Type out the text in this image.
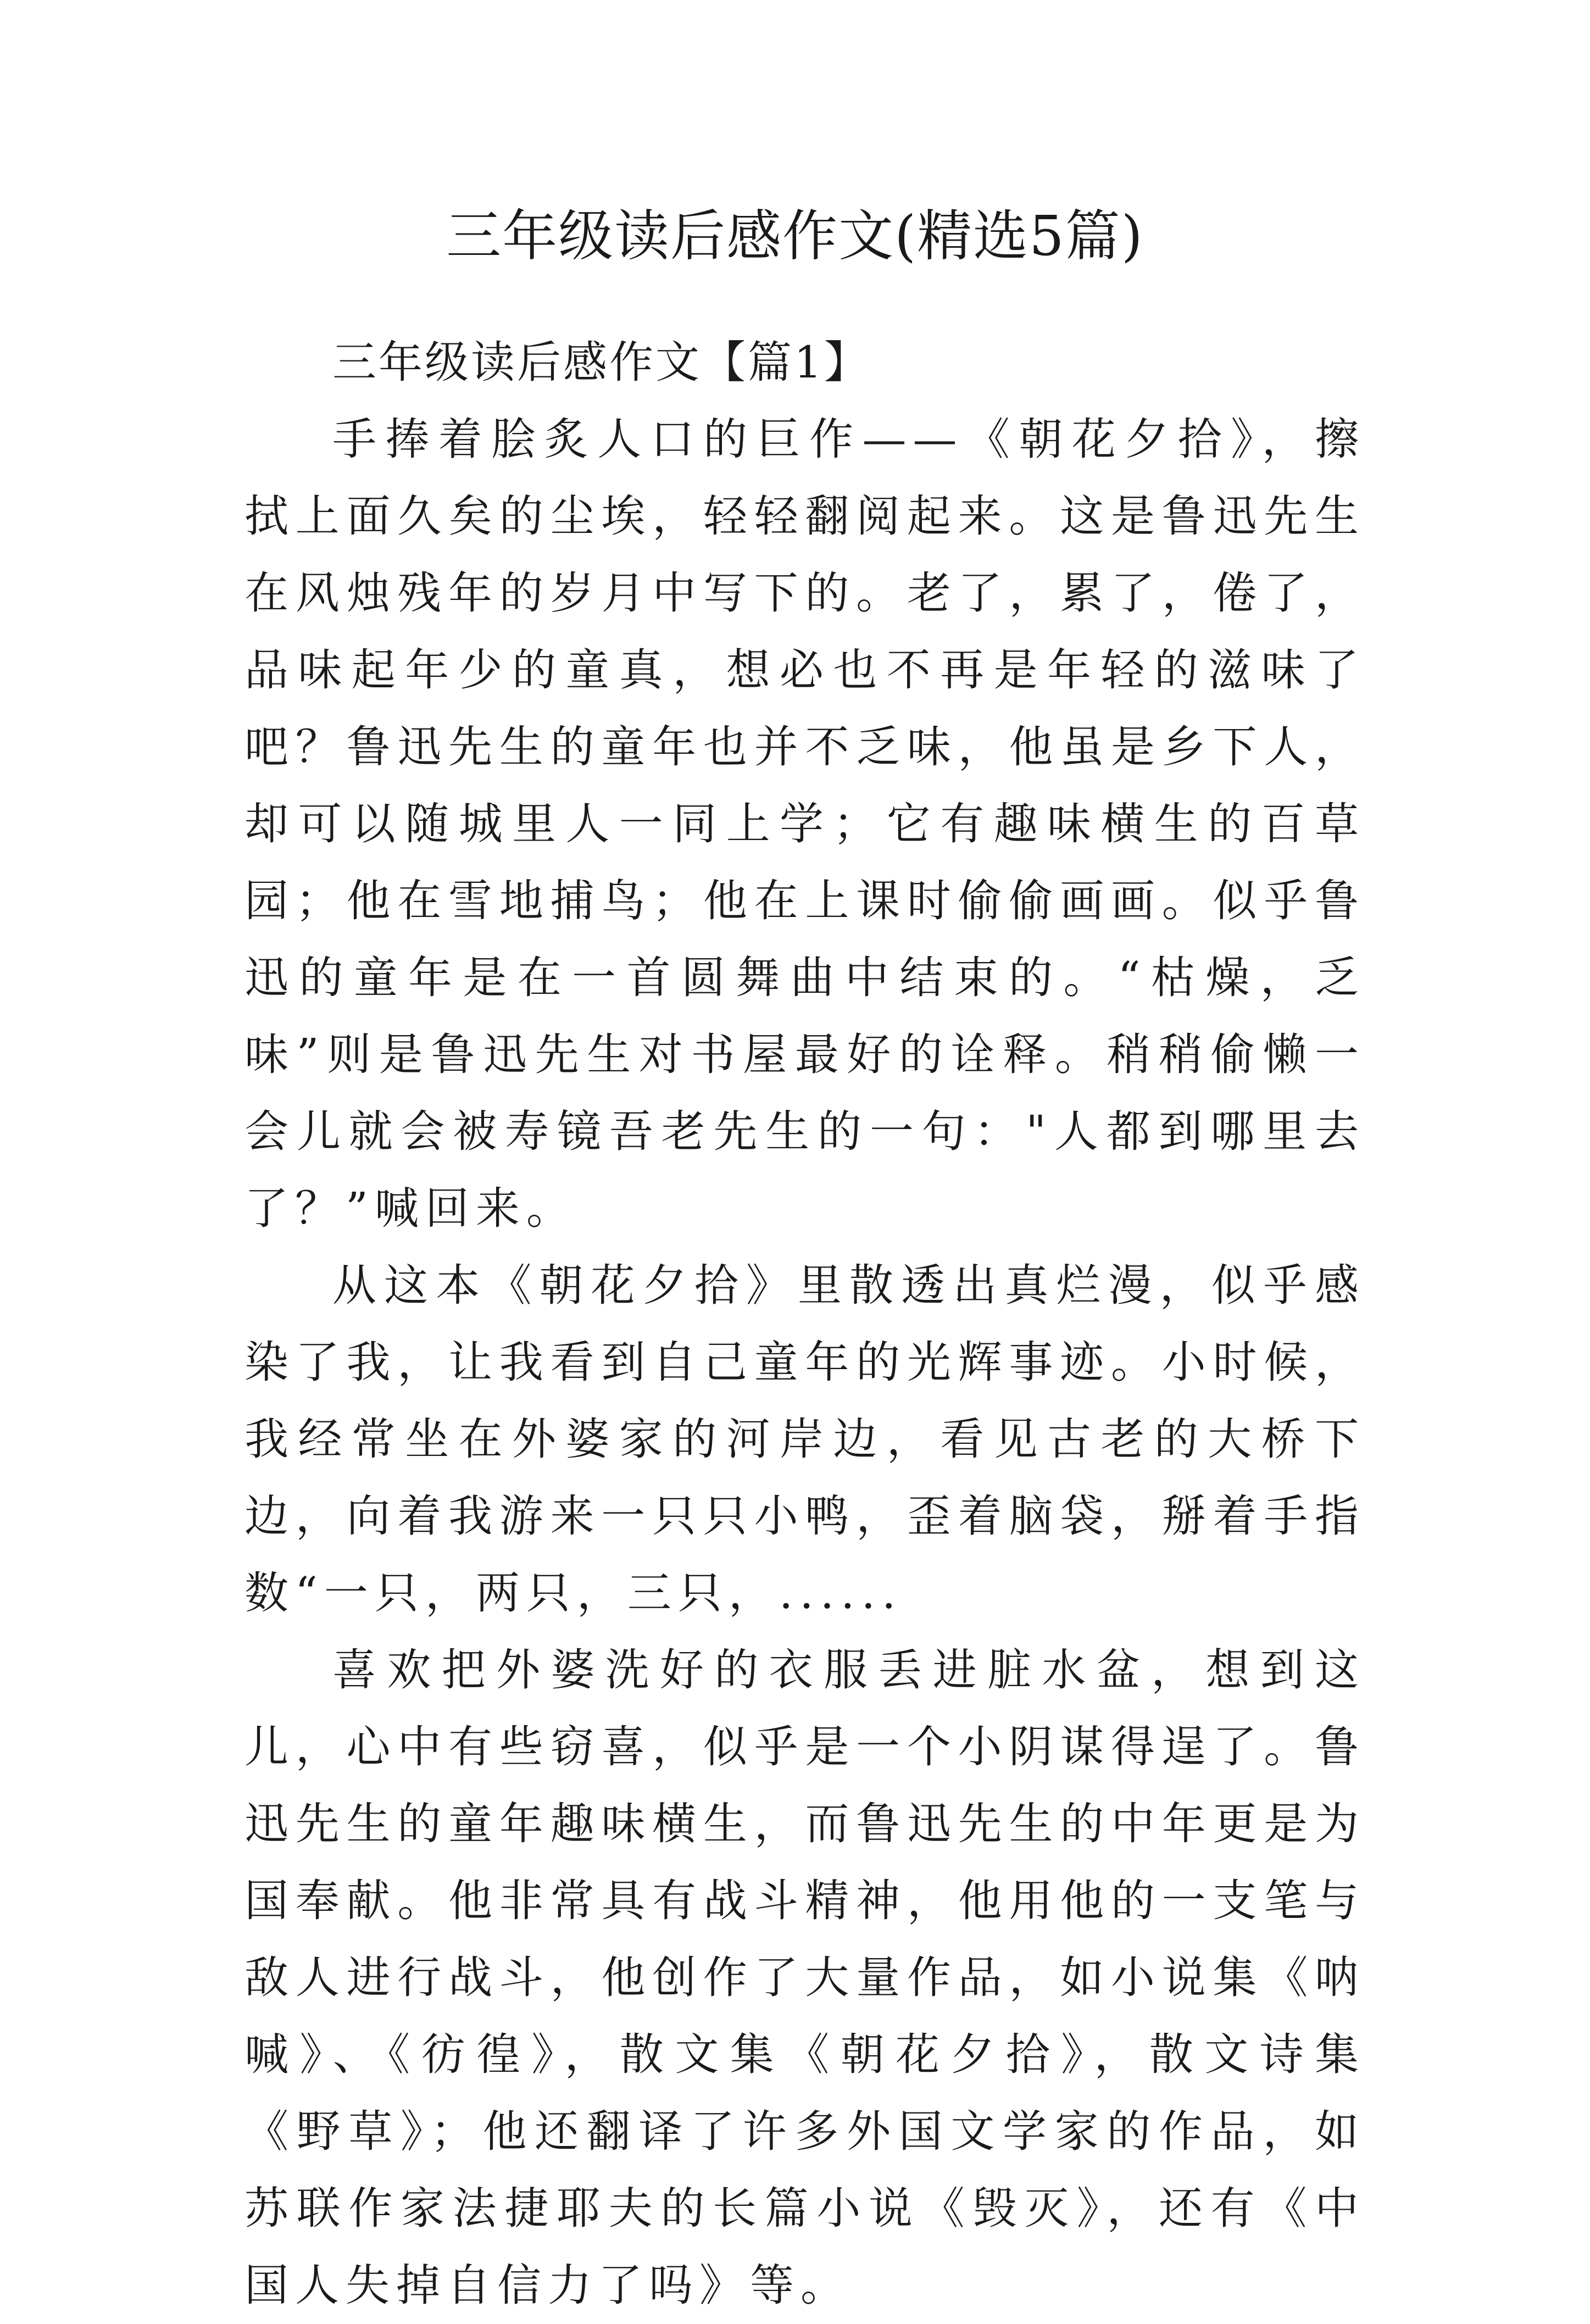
三年级读后感作文(精选5篇)
三年级读后感作文【篇1】

手捧着脍炙人口的巨作——《朝花夕拾》，擦拭上面久矣的尘埃，轻轻翻阅起来。这是鲁迅先生在风烛残年的岁月中写下的。老了，累了，倦了，品味起年少的童真，想必也不再是年轻的滋味了吧？鲁迅先生的童年也并不乏味，他虽是乡下人，却可以随城里人一同上学；它有趣味横生的百草园；他在雪地捕鸟；他在上课时偷偷画画。似乎鲁迅的童年是在一首圆舞曲中结束的。“枯燥，乏味”则是鲁迅先生对书屋最好的诠释。稍稍偷懒一会儿就会被寿镜吾老先生的一句："人都到哪里去了？”喊回来。

从这本《朝花夕拾》里散透出真烂漫，似乎感染了我，让我看到自己童年的光辉事迹。小时候，我经常坐在外婆家的河岸边，看见古老的大桥下边，向着我游来一只只小鸭，歪着脑袋，掰着手指数“一只，两只，三只，......

喜欢把外婆洗好的衣服丢进脏水盆，想到这儿，心中有些窃喜，似乎是一个小阴谋得逞了。鲁迅先生的童年趣味横生，而鲁迅先生的中年更是为国奉献。他非常具有战斗精神，他用他的一支笔与敌人进行战斗，他创作了大量作品，如小说集《呐喊》、《彷徨》，散文集《朝花夕拾》，散文诗集《野草》；他还翻译了许多外国文学家的作品，如苏联作家法捷耶夫的长篇小说《毁灭》，还有《中国人失掉自信力了吗》等。
